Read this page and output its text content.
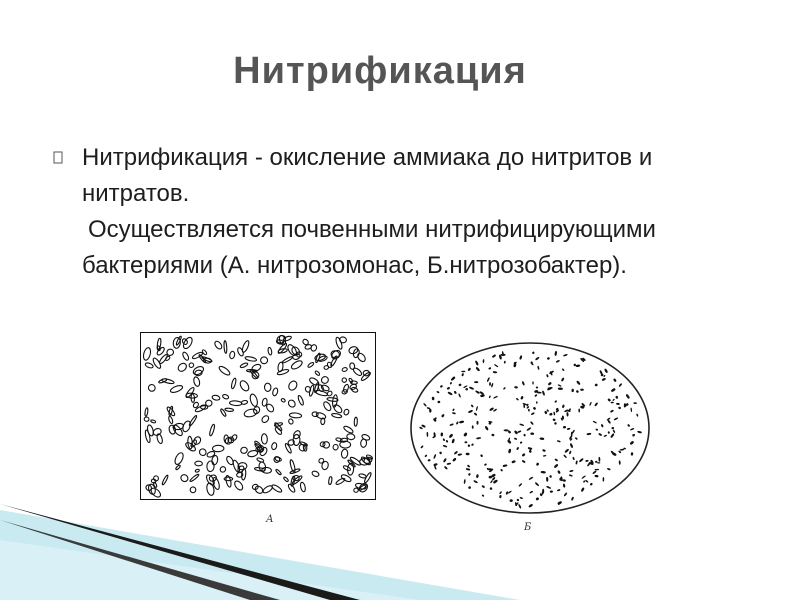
Нитрификация

Нитрификация - окисление аммиака до нитритов и нитратов.

Осуществляется почвенными нитрифицирующими бактериями (А. нитрозомонас, Б.нитрозобактер).

А
Б
